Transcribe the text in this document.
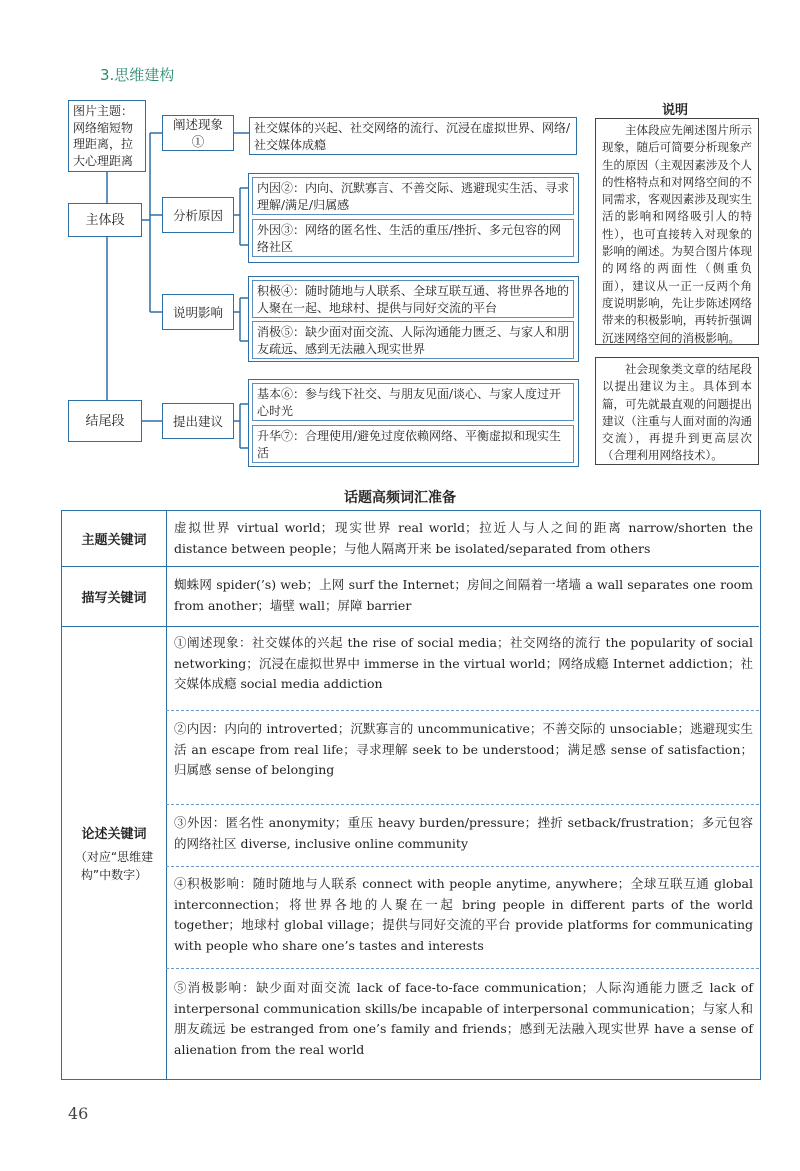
3.思维建构
图片主题：网络缩短物理距离，拉大心理距离
主体段
结尾段
阐述现象①
分析原因
说明影响
提出建议
社交媒体的兴起、社交网络的流行、沉浸在虚拟世界、网络/社交媒体成瘾
内因②：内向、沉默寡言、不善交际、逃避现实生活、寻求理解/满足/归属感
外因③：网络的匿名性、生活的重压/挫折、多元包容的网络社区
积极④：随时随地与人联系、全球互联互通、将世界各地的人聚在一起、地球村、提供与同好交流的平台
消极⑤：缺少面对面交流、人际沟通能力匮乏、与家人和朋友疏远、感到无法融入现实世界
基本⑥：参与线下社交、与朋友见面/谈心、与家人度过开心时光
升华⑦：合理使用/避免过度依赖网络、平衡虚拟和现实生活
说明
主体段应先阐述图片所示现象，随后可简要分析现象产生的原因（主观因素涉及个人的性格特点和对网络空间的不同需求，客观因素涉及现实生活的影响和网络吸引人的特性），也可直接转入对现象的影响的阐述。为契合图片体现的网络的两面性（侧重负面），建议从一正一反两个角度说明影响，先让步陈述网络带来的积极影响，再转折强调沉迷网络空间的消极影响。
社会现象类文章的结尾段以提出建议为主。具体到本篇，可先就最直观的问题提出建议（注重与人面对面的沟通交流），再提升到更高层次（合理利用网络技术）。
话题高频词汇准备
主题关键词
虚拟世界 virtual world；现实世界 real world；拉近人与人之间的距离 narrow/shorten the distance between people；与他人隔离开来 be isolated/separated from others
描写关键词
蜘蛛网 spider(’s) web；上网 surf the Internet；房间之间隔着一堵墙 a wall separates one room from another；墙壁 wall；屏障 barrier
论述关键词
（对应“思维建构”中数字）
①阐述现象：社交媒体的兴起 the rise of social media；社交网络的流行 the popularity of social networking；沉浸在虚拟世界中 immerse in the virtual world；网络成瘾 Internet addiction；社交媒体成瘾 social media addiction
②内因：内向的 introverted；沉默寡言的 uncommunicative；不善交际的 unsociable；逃避现实生活 an escape from real life；寻求理解 seek to be understood；满足感 sense of satisfaction；归属感 sense of belonging
③外因：匿名性 anonymity；重压 heavy burden/pressure；挫折 setback/frustration；多元包容的网络社区 diverse, inclusive online community
④积极影响：随时随地与人联系 connect with people anytime, anywhere；全球互联互通 global interconnection；将世界各地的人聚在一起 bring people in different parts of the world together；地球村 global village；提供与同好交流的平台 provide platforms for communicating with people who share one’s tastes and interests
⑤消极影响：缺少面对面交流 lack of face-to-face communication；人际沟通能力匮乏 lack of interpersonal communication skills/be incapable of interpersonal communication；与家人和朋友疏远 be estranged from one’s family and friends；感到无法融入现实世界 have a sense of alienation from the real world
46
